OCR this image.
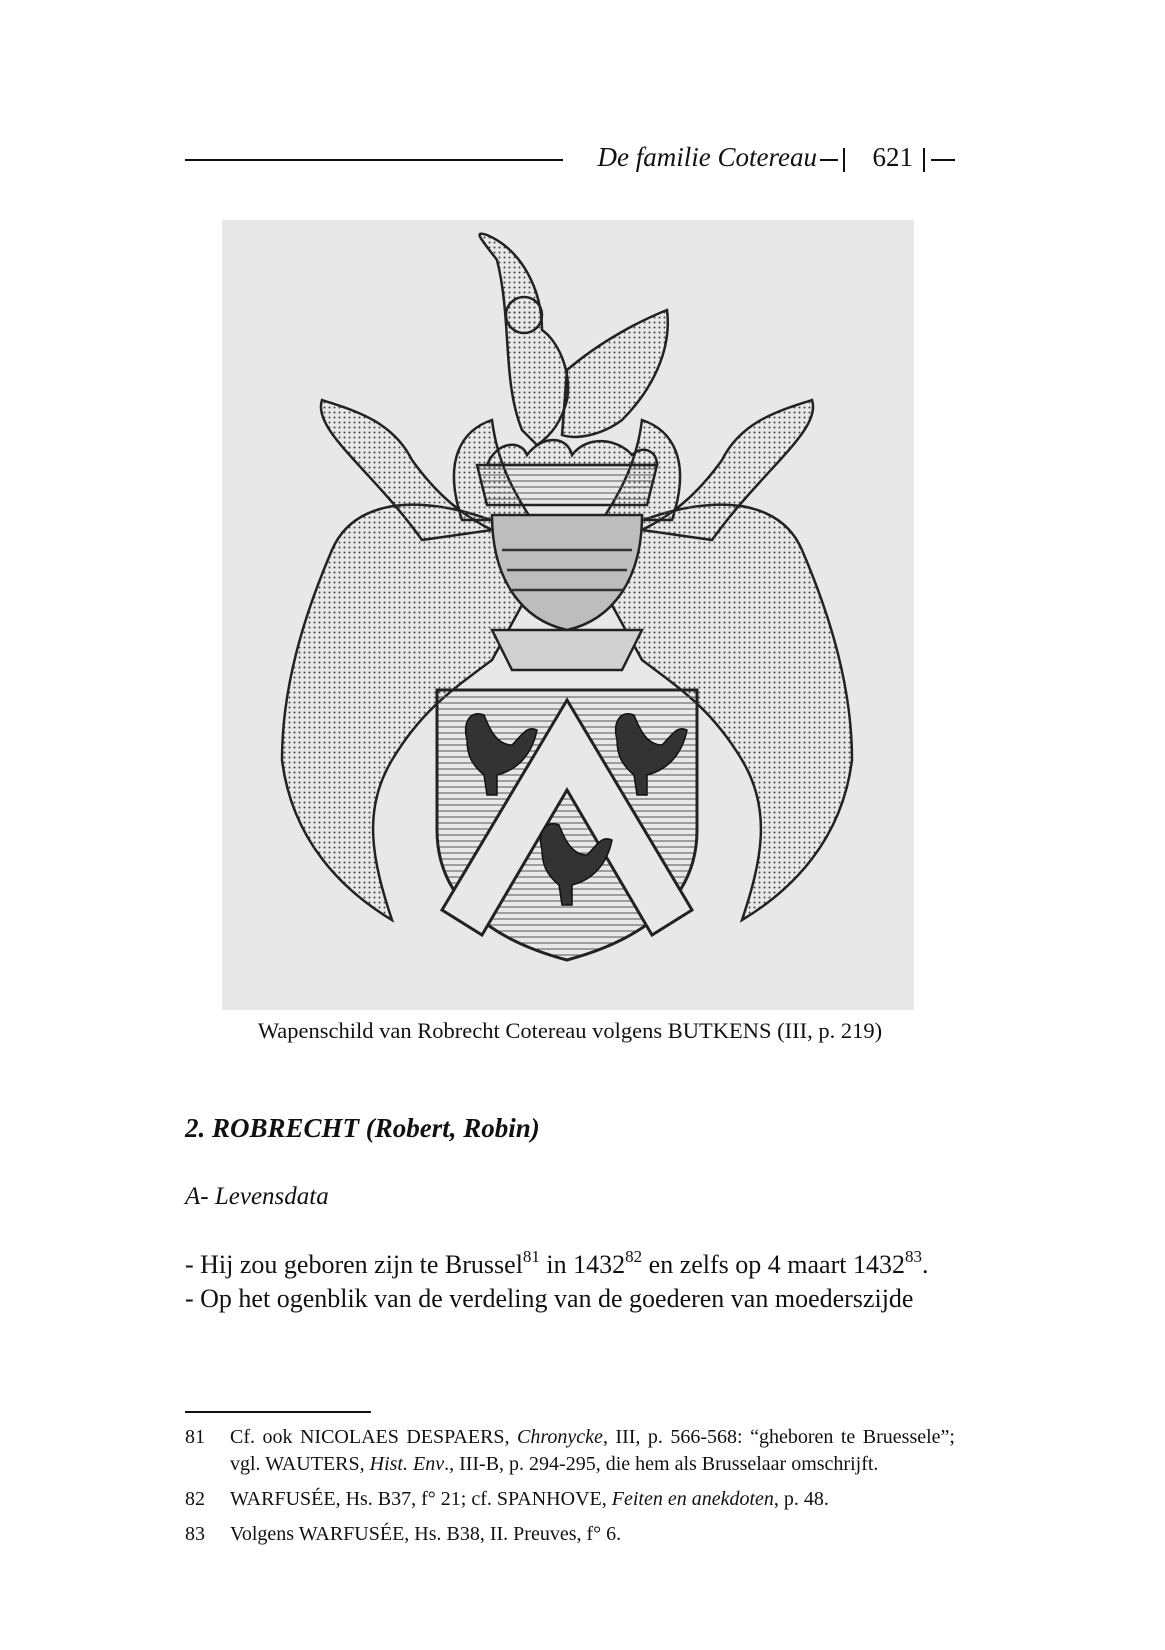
De familie Cotereau 621
Wapenschild van Robrecht Cotereau volgens BUTKENS (III, p. 219)
2. ROBRECHT (Robert, Robin)
A- Levensdata

- Hij zou geboren zijn te Brussel$^{81}$ in 1432$^{82}$ en zelfs op 4 maart 1432$^{83}$.

- Op het ogenblik van de verdeling van de goederen van moederszijde

81	Cf. ook NICOLAES DESPAERS, Chronycke, III, p. 566-568: “gheboren te Bruessele”; vgl. WAUTERS, Hist. Env., III-B, p. 294-295, die hem als Brusselaar omschrijft.
82	WARFUSÉE, Hs. B37, f° 21; cf. SPANHOVE, Feiten en anekdoten, p. 48.
83	Volgens WARFUSÉE, Hs. B38, II. Preuves, f° 6.
